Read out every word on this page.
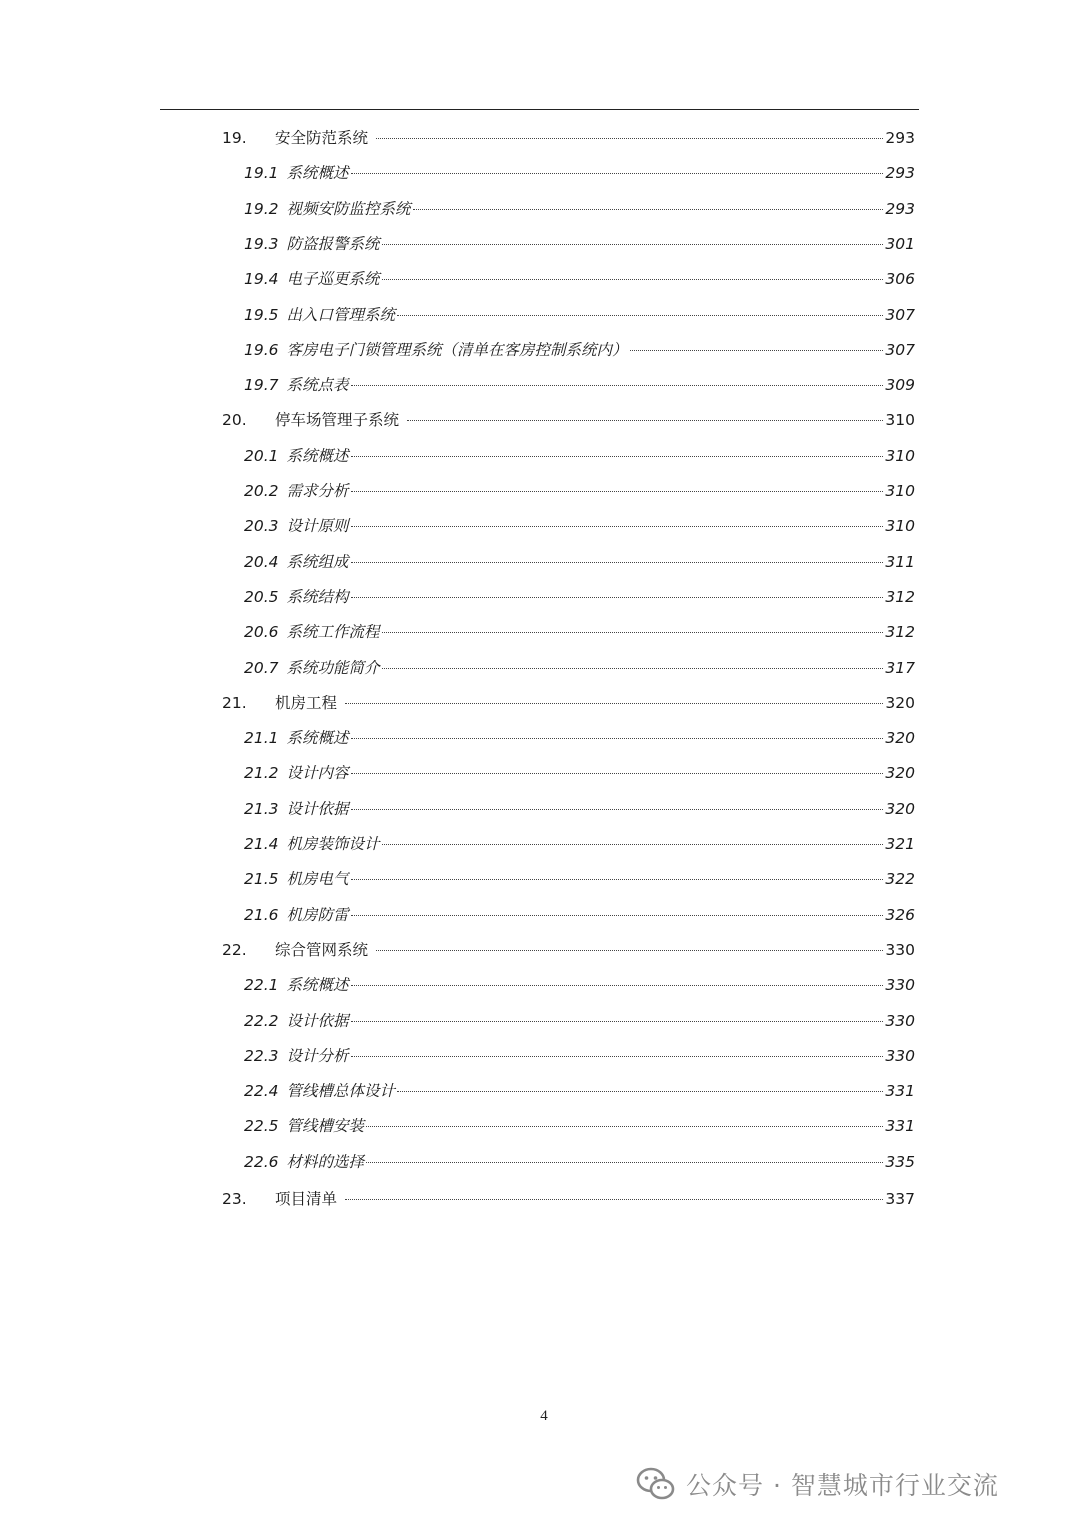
19.	安全防范系统	293
19.1 系统概述	293
19.2 视频安防监控系统	293
19.3 防盗报警系统	301
19.4 电子巡更系统	306
19.5 出入口管理系统	307
19.6 客房电子门锁管理系统（清单在客房控制系统内）	307
19.7 系统点表	309
20.	停车场管理子系统	310
20.1 系统概述	310
20.2 需求分析	310
20.3 设计原则	310
20.4 系统组成	311
20.5 系统结构	312
20.6 系统工作流程	312
20.7 系统功能简介	317
21.	机房工程	320
21.1 系统概述	320
21.2 设计内容	320
21.3 设计依据	320
21.4 机房装饰设计	321
21.5 机房电气	322
21.6 机房防雷	326
22.	综合管网系统	330
22.1 系统概述	330
22.2 设计依据	330
22.3 设计分析	330
22.4 管线槽总体设计	331
22.5 管线槽安装	331
22.6 材料的选择	335
23.	项目清单	337
4
公众号 · 智慧城市行业交流
